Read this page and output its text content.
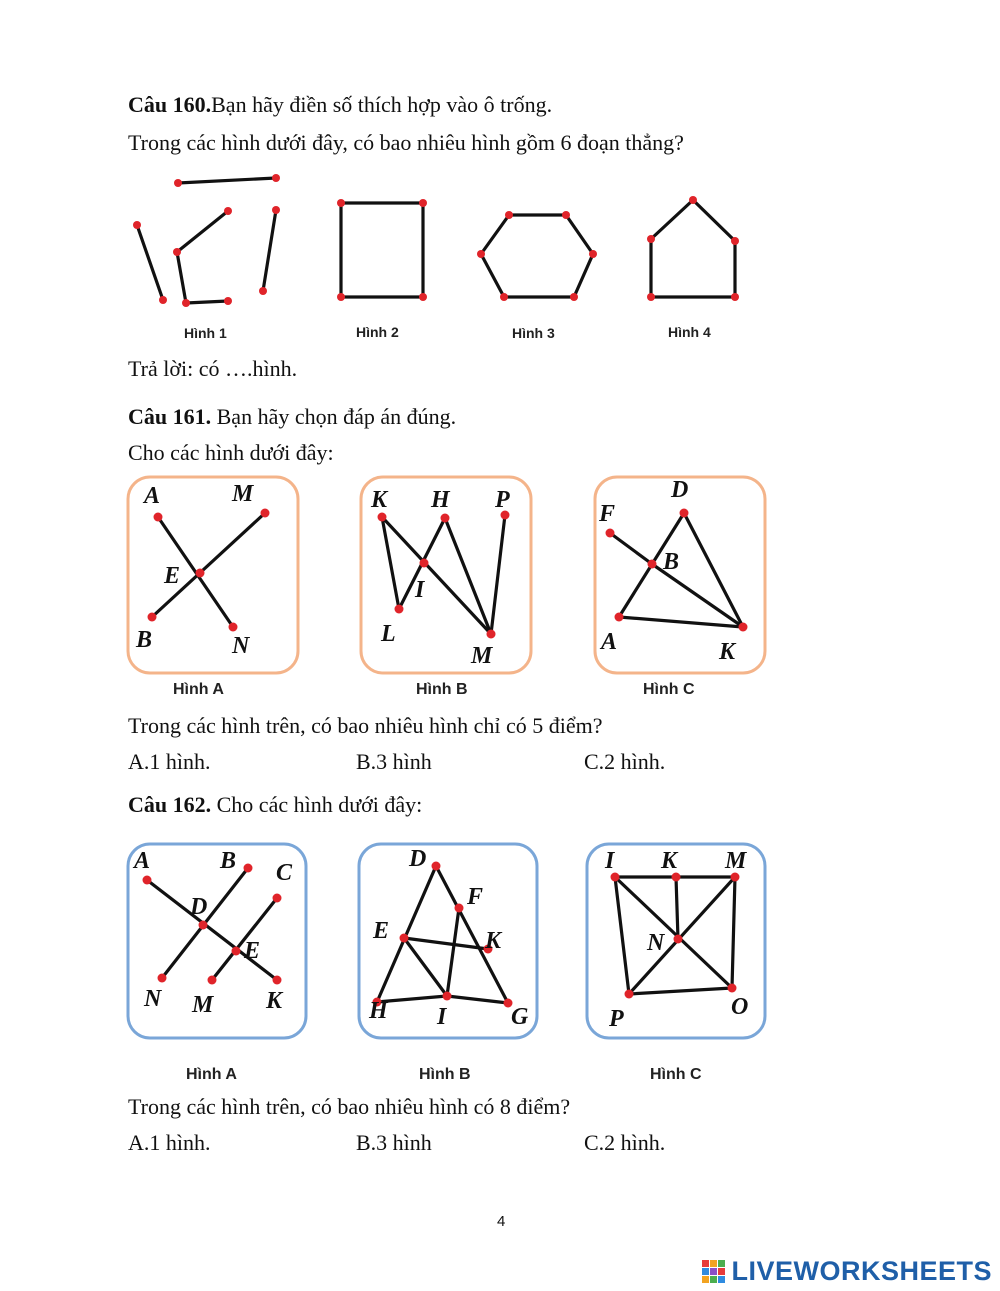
Câu 160.Bạn hãy điền số thích hợp vào ô trống.
Trong các hình dưới đây, có bao nhiêu hình gồm 6 đoạn thẳng?
Hình 1	Hình 2	Hình 3	Hình 4
Trả lời: có ….hình.
Câu 161. Bạn hãy chọn đáp án đúng.
Cho các hình dưới đây:
A	M
E
B	N
K H P
I
L
M
D
F
B
A	K
Hình A	Hình B	Hình C
Trong các hình trên, có bao nhiêu hình chỉ có 5 điểm?
A.1 hình.	B.3 hình	C.2 hình.
Câu 162. Cho các hình dưới đây:
A	B C
D
E
N M K
D
F
E	K
H I	G
I K M
N
P	O
Hình A	Hình B	Hình C
Trong các hình trên, có bao nhiêu hình có 8 điểm?
A.1 hình.	B.3 hình	C.2 hình.
4
LIVEWORKSHEETS
